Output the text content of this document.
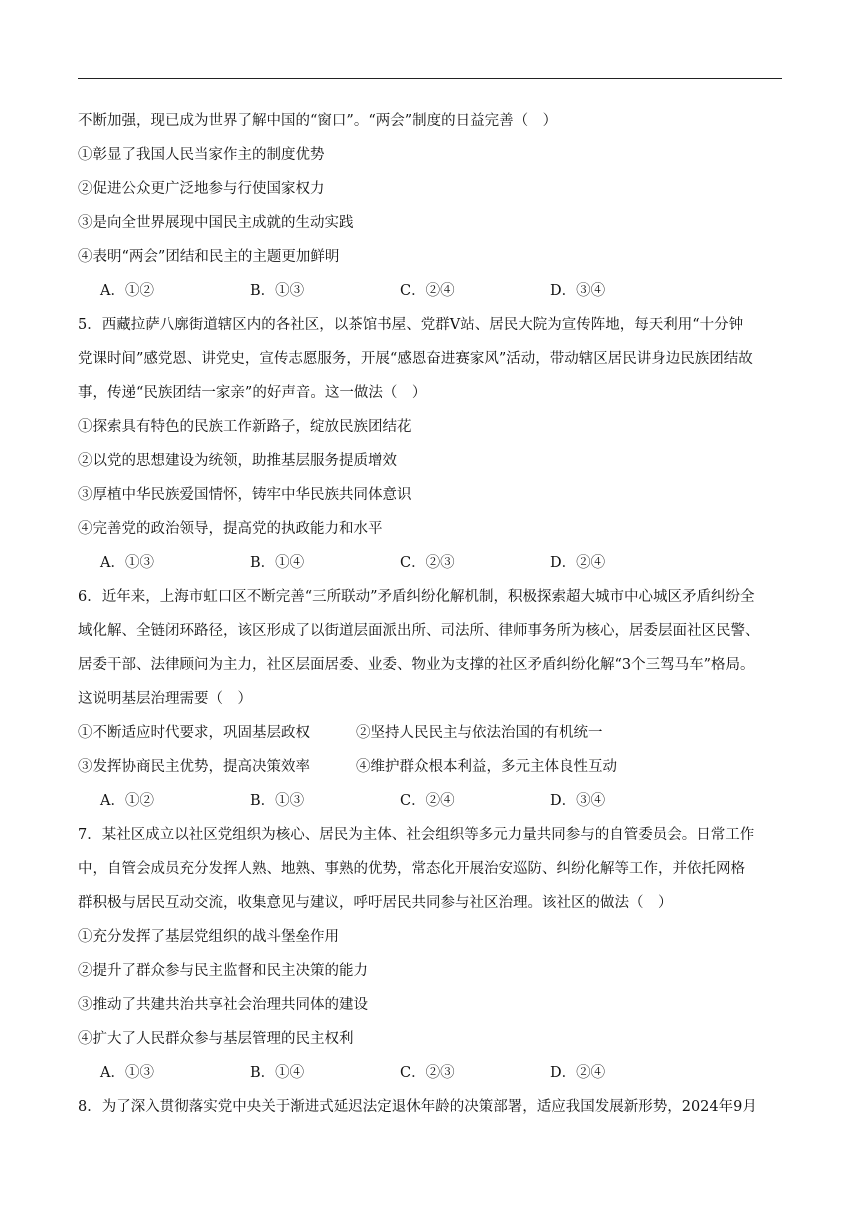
不断加强，现已成为世界了解中国的“窗口”。“两会”制度的日益完善（　）
①彰显了我国人民当家作主的制度优势
②促进公众更广泛地参与行使国家权力
③是向全世界展现中国民主成就的生动实践
④表明“两会”团结和民主的主题更加鲜明
A．①②	B．①③	C．②④	D．③④
5．西藏拉萨八廓街道辖区内的各社区，以茶馆书屋、党群Ⅴ站、居民大院为宣传阵地，每天利用“十分钟
党课时间”感党恩、讲党史，宣传志愿服务，开展“感恩奋进赛家风”活动，带动辖区居民讲身边民族团结故
事，传递“民族团结一家亲”的好声音。这一做法（　）
①探索具有特色的民族工作新路子，绽放民族团结花
②以党的思想建设为统领，助推基层服务提质增效
③厚植中华民族爱国情怀，铸牢中华民族共同体意识
④完善党的政治领导，提高党的执政能力和水平
A．①③	B．①④	C．②③	D．②④
6．近年来，上海市虹口区不断完善“三所联动”矛盾纠纷化解机制，积极探索超大城市中心城区矛盾纠纷全
域化解、全链闭环路径，该区形成了以街道层面派出所、司法所、律师事务所为核心，居委层面社区民警、
居委干部、法律顾问为主力，社区层面居委、业委、物业为支撑的社区矛盾纠纷化解“3个三驾马车”格局。
这说明基层治理需要（　）
①不断适应时代要求，巩固基层政权	②坚持人民民主与依法治国的有机统一
③发挥协商民主优势，提高决策效率	④维护群众根本利益，多元主体良性互动
A．①②	B．①③	C．②④	D．③④
7．某社区成立以社区党组织为核心、居民为主体、社会组织等多元力量共同参与的自管委员会。日常工作
中，自管会成员充分发挥人熟、地熟、事熟的优势，常态化开展治安巡防、纠纷化解等工作，并依托网格
群积极与居民互动交流，收集意见与建议，呼吁居民共同参与社区治理。该社区的做法（　）
①充分发挥了基层党组织的战斗堡垒作用
②提升了群众参与民主监督和民主决策的能力
③推动了共建共治共享社会治理共同体的建设
④扩大了人民群众参与基层管理的民主权利
A．①③	B．①④	C．②③	D．②④
8．为了深入贯彻落实党中央关于渐进式延迟法定退休年龄的决策部署，适应我国发展新形势，2024年9月
